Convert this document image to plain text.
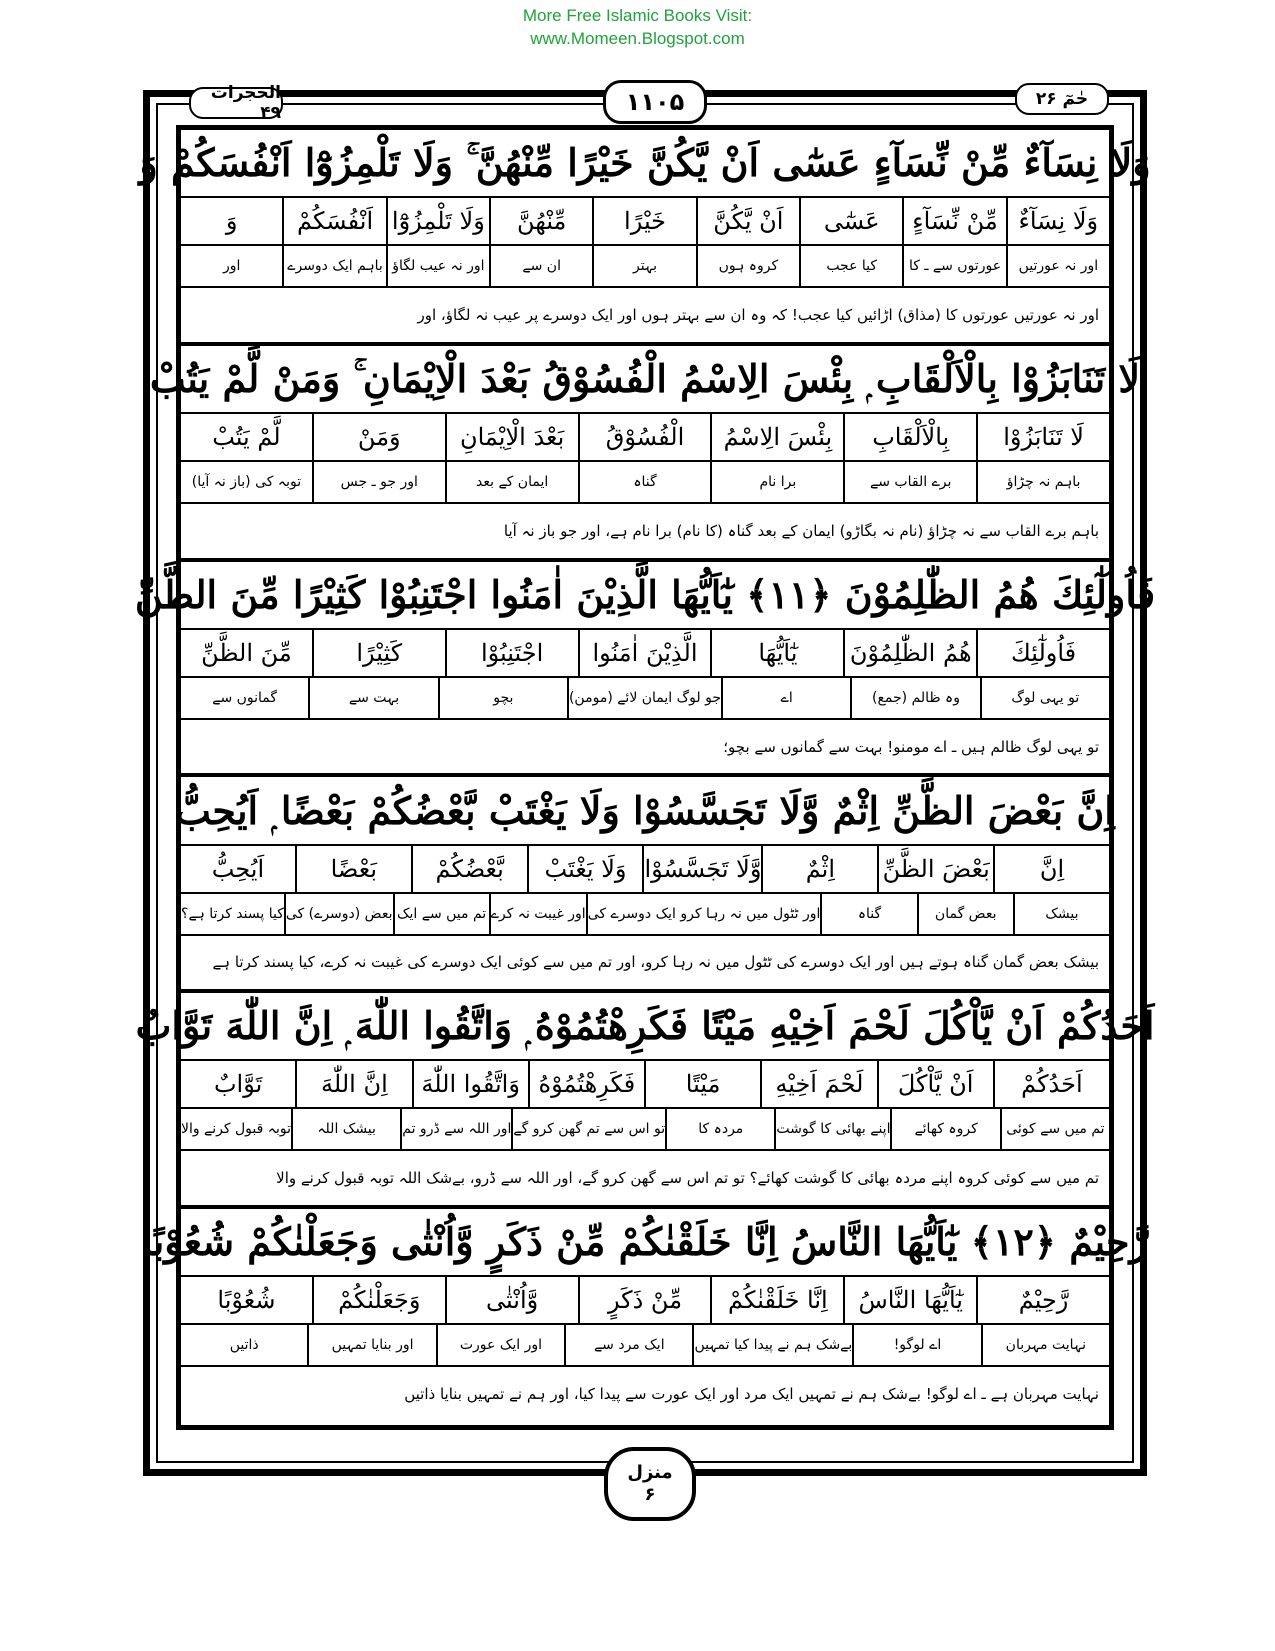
More Free Islamic Books Visit:
www.Momeen.Blogspot.com
الحجرات ۴۹	۱۱۰۵	حٰمٓ ۲۶
وَلَا نِسَآءٌ مِّنْ نِّسَآءٍ عَسٰٓى اَنْ يَّكُنَّ خَيْرًا مِّنْهُنَّ ۚ وَلَا تَلْمِزُوْٓا اَنْفُسَكُمْ وَ
وَلَا نِسَآءٌ
مِّنْ نِّسَآءٍ
عَسٰٓى
اَنْ يَّكُنَّ
خَيْرًا
مِّنْهُنَّ
وَلَا تَلْمِزُوْٓا
اَنْفُسَكُمْ
وَ
اور نہ عورتیں
عورتوں سے ـ کا
کیا عجب
کروہ ہوں
بہتر
ان سے
اور نہ عیب لگاؤ
باہم ایک دوسرے
اور
اور نہ عورتیں عورتوں کا (مذاق) اڑائیں کیا عجب! کہ وہ ان سے بہتر ہوں اور ایک دوسرے پر عیب نہ لگاؤ، اور
لَا تَنَابَزُوْا بِالْاَلْقَابِ ۭ بِئْسَ الِاسْمُ الْفُسُوْقُ بَعْدَ الْاِيْمَانِ ۚ وَمَنْ لَّمْ يَتُبْ
لَا تَنَابَزُوْا
بِالْاَلْقَابِ
بِئْسَ الِاسْمُ
الْفُسُوْقُ
بَعْدَ الْاِيْمَانِ
وَمَنْ
لَّمْ يَتُبْ
باہم نہ چڑاؤ
برے القاب سے
برا نام
گناہ
ایمان کے بعد
اور جو ـ جس
توبہ کی (باز نہ آیا)
باہم برے القاب سے نہ چڑاؤ (نام نہ بگاڑو) ایمان کے بعد گناہ (کا نام) برا نام ہے، اور جو باز نہ آیا
فَاُولٰٓئِكَ هُمُ الظّٰلِمُوْنَ ﴿۱۱﴾ يٰٓاَيُّهَا الَّذِيْنَ اٰمَنُوا اجْتَنِبُوْا كَثِيْرًا مِّنَ الظَّنِّ
فَاُولٰٓئِكَ
هُمُ الظّٰلِمُوْنَ
يٰٓاَيُّهَا
الَّذِيْنَ اٰمَنُوا
اجْتَنِبُوْا
كَثِيْرًا
مِّنَ الظَّنِّ
تو یہی لوگ
وہ ظالم (جمع)
اے
جو لوگ ایمان لائے (مومن)
بچو
بہت سے
گمانوں سے
تو یہی لوگ ظالم ہیں ـ اے مومنو! بہت سے گمانوں سے بچو؛
اِنَّ بَعْضَ الظَّنِّ اِثْمٌ وَّلَا تَجَسَّسُوْا وَلَا يَغْتَبْ بَّعْضُكُمْ بَعْضًا ۭ اَيُحِبُّ
اِنَّ
بَعْضَ الظَّنِّ
اِثْمٌ
وَّلَا تَجَسَّسُوْا
وَلَا يَغْتَبْ
بَّعْضُكُمْ
بَعْضًا
اَيُحِبُّ
بیشک
بعض گمان
گناہ
اور ٹٹول میں نہ رہا کرو ایک دوسرے کی
اور غیبت نہ کرے
تم میں سے ایک
بعض (دوسرے) کی
کیا پسند کرتا ہے؟
بیشک بعض گمان گناہ ہوتے ہیں اور ایک دوسرے کی ٹٹول میں نہ رہا کرو، اور تم میں سے کوئی ایک دوسرے کی غیبت نہ کرے، کیا پسند کرتا ہے
اَحَدُكُمْ اَنْ يَّاْكُلَ لَحْمَ اَخِيْهِ مَيْتًا فَكَرِهْتُمُوْهُ ۭ وَاتَّقُوا اللّٰهَ ۭ اِنَّ اللّٰهَ تَوَّابٌ
اَحَدُكُمْ
اَنْ يَّاْكُلَ
لَحْمَ اَخِيْهِ
مَيْتًا
فَكَرِهْتُمُوْهُ
وَاتَّقُوا اللّٰهَ
اِنَّ اللّٰهَ
تَوَّابٌ
تم میں سے کوئی
کروہ کھائے
اپنے بھائی کا گوشت
مردہ کا
تو اس سے تم گھن کرو گے
اور اللہ سے ڈرو تم
بیشک اللہ
توبہ قبول کرنے والا
تم میں سے کوئی کروہ اپنے مردہ بھائی کا گوشت کھائے؟ تو تم اس سے گھن کرو گے، اور اللہ سے ڈرو، بےشک اللہ توبہ قبول کرنے والا
رَّحِيْمٌ ﴿۱۲﴾ يٰٓاَيُّهَا النَّاسُ اِنَّا خَلَقْنٰكُمْ مِّنْ ذَكَرٍ وَّاُنْثٰى وَجَعَلْنٰكُمْ شُعُوْبًا
رَّحِيْمٌ
يٰٓاَيُّهَا النَّاسُ
اِنَّا خَلَقْنٰكُمْ
مِّنْ ذَكَرٍ
وَّاُنْثٰى
وَجَعَلْنٰكُمْ
شُعُوْبًا
نہایت مہربان
اے لوگو!
بےشک ہم نے پیدا کیا تمہیں
ایک مرد سے
اور ایک عورت
اور بنایا تمہیں
ذاتیں
نہایت مہربان ہے ـ اے لوگو! بےشک ہم نے تمہیں ایک مرد اور ایک عورت سے پیدا کیا، اور ہم نے تمہیں بنایا ذاتیں
منزل
۶
